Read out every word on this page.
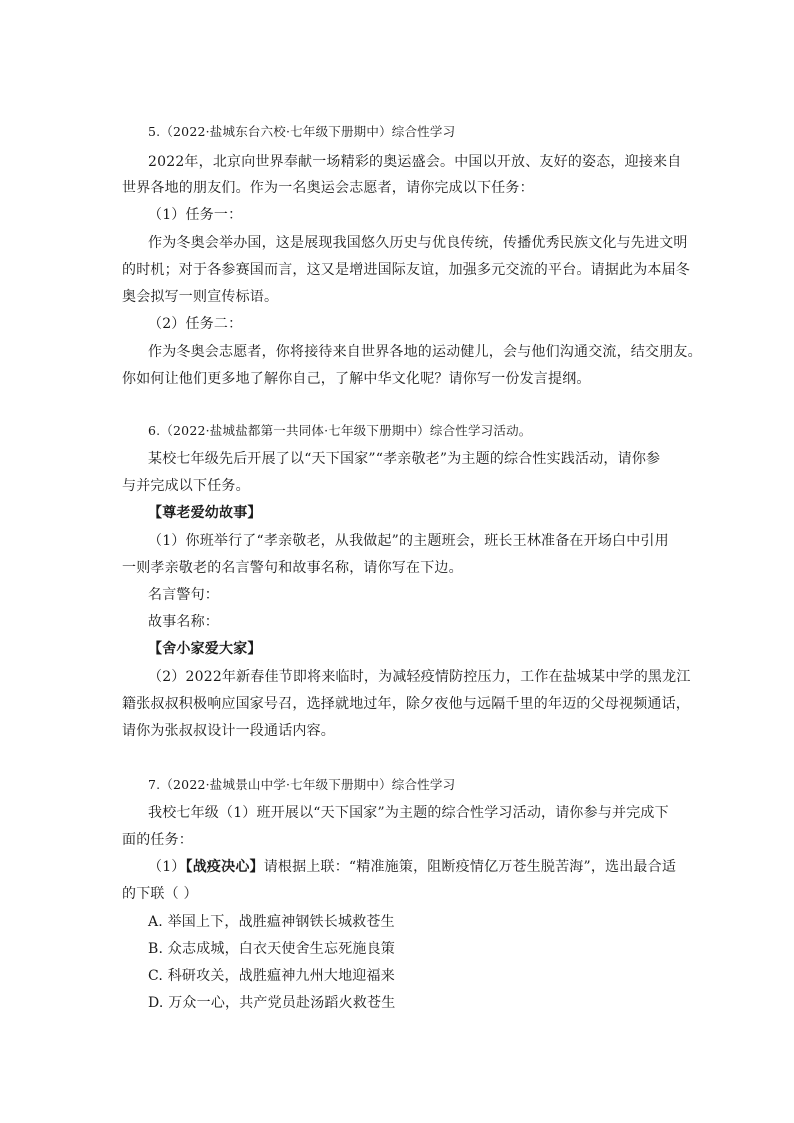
5.（2022·盐城东台六校·七年级下册期中）综合性学习
2022年，北京向世界奉献一场精彩的奥运盛会。中国以开放、友好的姿态，迎接来自
世界各地的朋友们。作为一名奥运会志愿者，请你完成以下任务：
（1）任务一：
作为冬奥会举办国，这是展现我国悠久历史与优良传统，传播优秀民族文化与先进文明
的时机；对于各参赛国而言，这又是增进国际友谊，加强多元交流的平台。请据此为本届冬
奥会拟写一则宣传标语。
（2）任务二：
作为冬奥会志愿者，你将接待来自世界各地的运动健儿，会与他们沟通交流，结交朋友。
你如何让他们更多地了解你自己，了解中华文化呢？请你写一份发言提纲。
6.（2022·盐城盐都第一共同体·七年级下册期中）综合性学习活动。
某校七年级先后开展了以“天下国家”“孝亲敬老”为主题的综合性实践活动，请你参
与并完成以下任务。
【尊老爱幼故事】
（1）你班举行了“孝亲敬老，从我做起”的主题班会，班长王林准备在开场白中引用
一则孝亲敬老的名言警句和故事名称，请你写在下边。
名言警句：
故事名称：
【舍小家爱大家】
（2）2022年新春佳节即将来临时，为减轻疫情防控压力，工作在盐城某中学的黑龙江
籍张叔叔积极响应国家号召，选择就地过年，除夕夜他与远隔千里的年迈的父母视频通话，
请你为张叔叔设计一段通话内容。
7.（2022·盐城景山中学·七年级下册期中）综合性学习
我校七年级（1）班开展以“天下国家”为主题的综合性学习活动，请你参与并完成下
面的任务：
（1）【战疫决心】请根据上联：“精准施策，阻断疫情亿万苍生脱苦海”，选出最合适
的下联（ ）
A. 举国上下，战胜瘟神钢铁长城救苍生
B. 众志成城，白衣天使舍生忘死施良策
C. 科研攻关，战胜瘟神九州大地迎福来
D. 万众一心，共产党员赴汤蹈火救苍生
